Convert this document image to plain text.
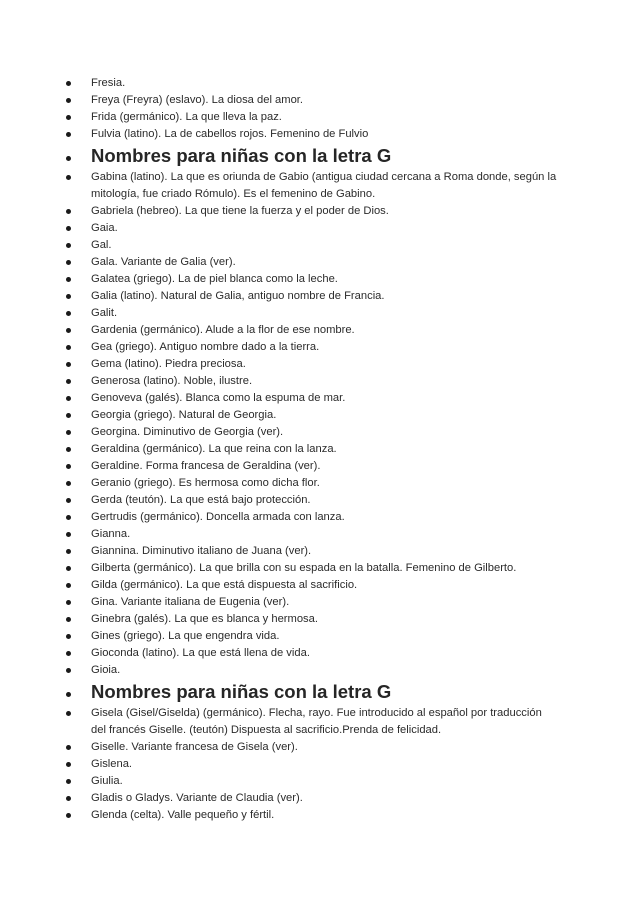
Fresia.
Freya (Freyra) (eslavo). La diosa del amor.
Frida (germánico). La que lleva la paz.
Fulvia (latino). La de cabellos rojos. Femenino de Fulvio
Nombres para niñas con la letra G
Gabina (latino). La que es oriunda de Gabio (antigua ciudad cercana a Roma donde, según la mitología, fue criado Rómulo). Es el femenino de Gabino.
Gabriela (hebreo). La que tiene la fuerza y el poder de Dios.
Gaia.
Gal.
Gala. Variante de Galia (ver).
Galatea (griego). La de piel blanca como la leche.
Galia (latino). Natural de Galia, antiguo nombre de Francia.
Galit.
Gardenia (germánico). Alude a la flor de ese nombre.
Gea (griego). Antiguo nombre dado a la tierra.
Gema (latino). Piedra preciosa.
Generosa (latino). Noble, ilustre.
Genoveva (galés). Blanca como la espuma de mar.
Georgia (griego). Natural de Georgia.
Georgina. Diminutivo de Georgia (ver).
Geraldina (germánico). La que reina con la lanza.
Geraldine. Forma francesa de Geraldina (ver).
Geranio (griego). Es hermosa como dicha flor.
Gerda (teutón). La que está bajo protección.
Gertrudis (germánico). Doncella armada con lanza.
Gianna.
Giannina. Diminutivo italiano de Juana (ver).
Gilberta (germánico). La que brilla con su espada en la batalla. Femenino de Gilberto.
Gilda (germánico). La que está dispuesta al sacrificio.
Gina. Variante italiana de Eugenia (ver).
Ginebra (galés). La que es blanca y hermosa.
Gines (griego). La que engendra vida.
Gioconda (latino). La que está llena de vida.
Gioia.
Nombres para niñas con la letra G
Gisela (Gisel/Giselda) (germánico). Flecha, rayo. Fue introducido al español por traducción del francés Giselle. (teutón) Dispuesta al sacrificio.Prenda de felicidad.
Giselle. Variante francesa de Gisela (ver).
Gislena.
Giulia.
Gladis o Gladys. Variante de Claudia (ver).
Glenda (celta). Valle pequeño y fértil.
